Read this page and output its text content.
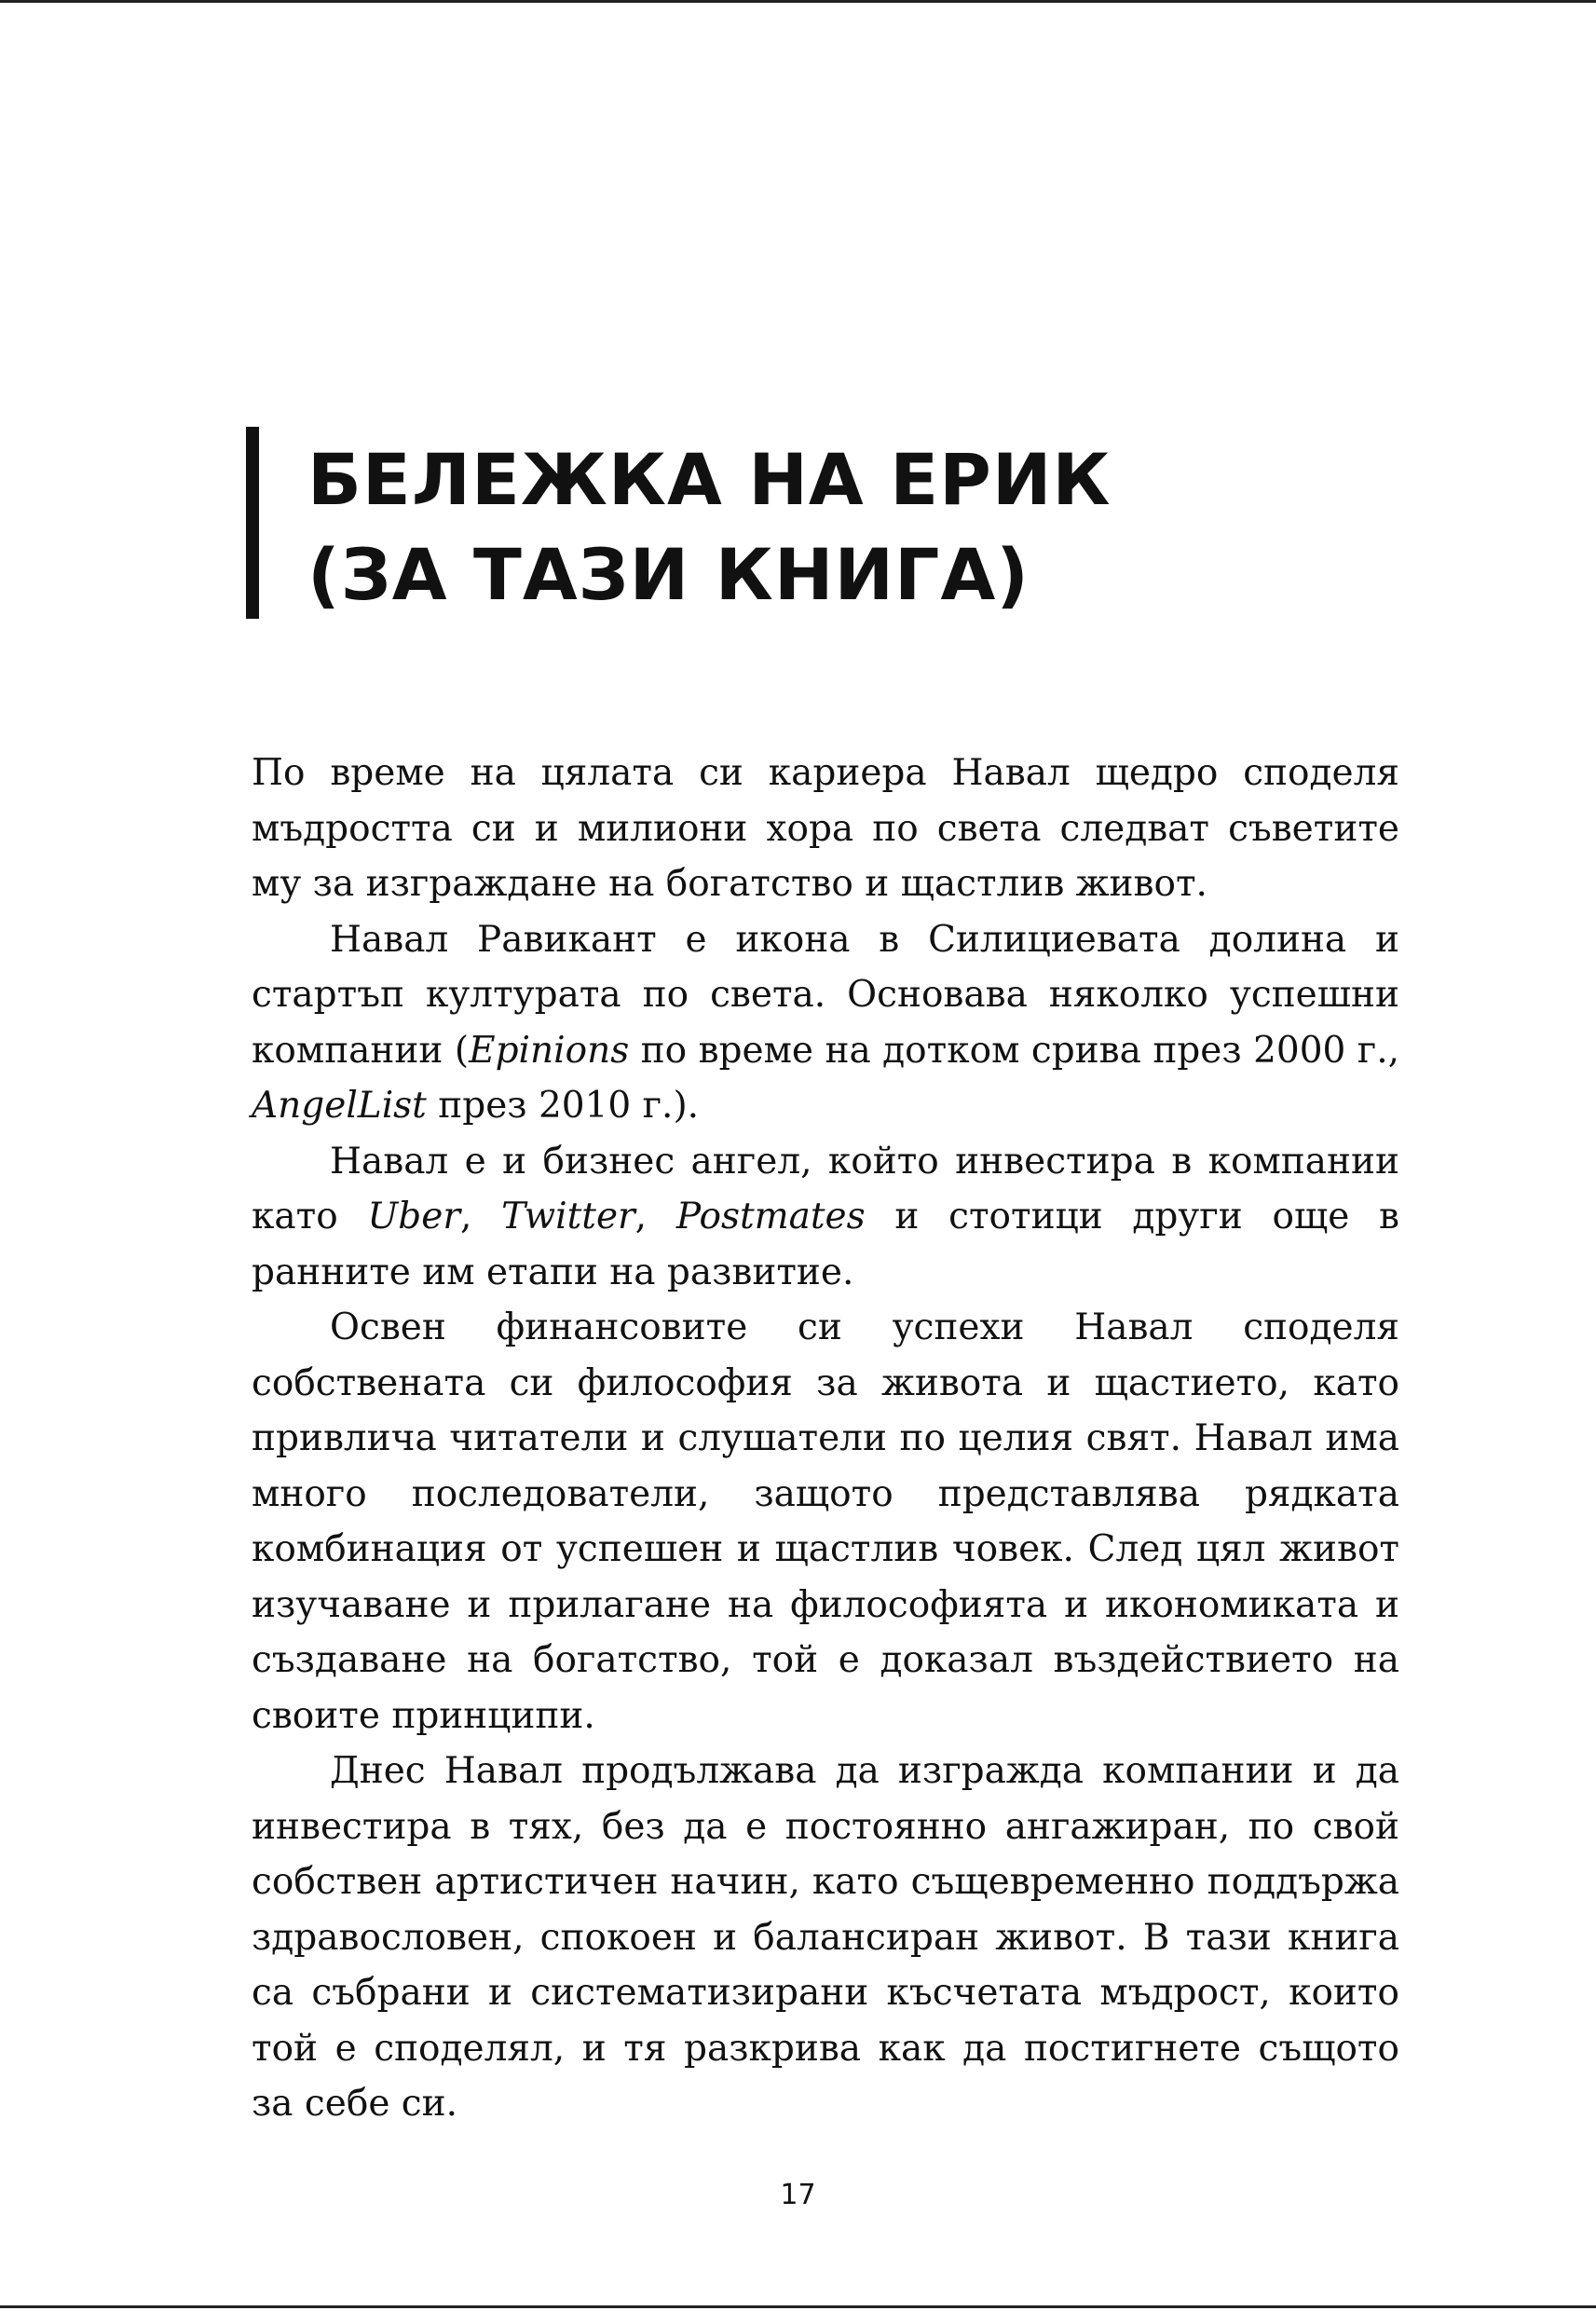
БЕЛЕЖКА НА ЕРИК
(ЗА ТАЗИ КНИГА)

По време на цялата си кариера Навал щедро споделя мъдростта си и милиони хора по света следват съветите му за изграждане на богатство и щастлив живот.

Навал Равикант е икона в Силициевата долина и стартъп културата по света. Основава няколко успешни компании (Epinions по време на дотком срива през 2000 г., AngelList през 2010 г.).

Навал е и бизнес ангел, който инвестира в компании като Uber, Twitter, Postmates и стотици други още в ранните им етапи на развитие.

Освен финансовите си успехи Навал споделя собствената си философия за живота и щастието, като привлича читатели и слушатели по целия свят. Навал има много последователи, защото представлява рядката комбинация от успешен и щастлив човек. След цял живот изучаване и прилагане на философията и икономиката и създаване на богатство, той е доказал въздействието на своите принципи.

Днес Навал продължава да изгражда компании и да инвестира в тях, без да е постоянно ангажиран, по свой собствен артистичен начин, като същевременно поддържа здравословен, спокоен и балансиран живот. В тази книга са събрани и систематизирани късчетата мъдрост, които той е споделял, и тя разкрива как да постигнете същото за себе си.

17
